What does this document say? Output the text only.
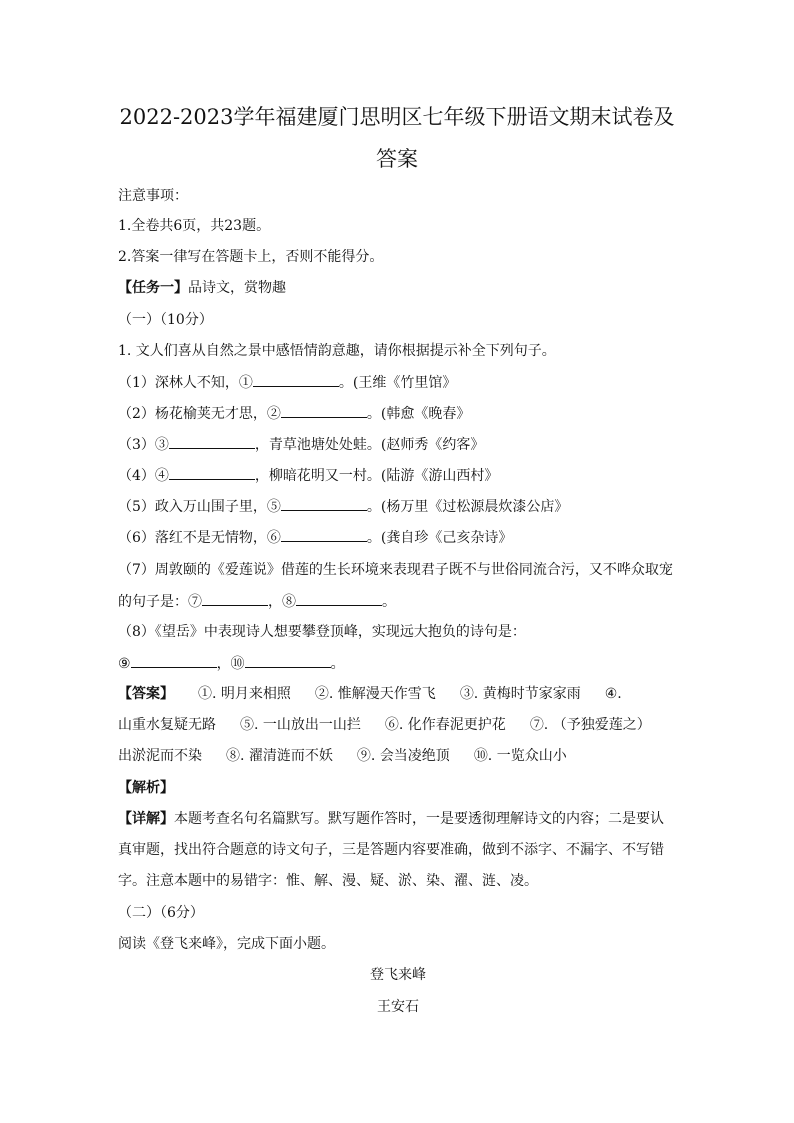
2022-2023学年福建厦门思明区七年级下册语文期末试卷及
答案
注意事项：
1.全卷共6页，共23题。
2.答案一律写在答题卡上，否则不能得分。
【任务一】品诗文，赏物趣
（一）（10分）
1. 文人们喜从自然之景中感悟情韵意趣，请你根据提示补全下列句子。
（1）深林人不知，①	。(王维《竹里馆》
（2）杨花榆荚无才思，②	。(韩愈《晚春》
（3）③	，青草池塘处处蛙。(赵师秀《约客》
（4）④	，柳暗花明又一村。(陆游《游山西村》
（5）政入万山围子里，⑤	。(杨万里《过松源晨炊漆公店》
（6）落红不是无情物，⑥	。(龚自珍《己亥杂诗》
（7）周敦颐的《爱莲说》借莲的生长环境来表现君子既不与世俗同流合污，又不哗众取宠
的句子是：⑦	，⑧	。
（8）《望岳》中表现诗人想要攀登顶峰，实现远大抱负的诗句是：
⑨	，⑩	。
【答案】 ①. 明月来相照 ②. 惟解漫天作雪飞 ③. 黄梅时节家家雨 ④.
山重水复疑无路 ⑤. 一山放出一山拦 ⑥. 化作春泥更护花 ⑦. （予独爱莲之）
出淤泥而不染 ⑧. 濯清涟而不妖 ⑨. 会当凌绝顶 ⑩. 一览众山小
【解析】
【详解】本题考查名句名篇默写。默写题作答时，一是要透彻理解诗文的内容；二是要认
真审题，找出符合题意的诗文句子，三是答题内容要准确，做到不添字、不漏字、不写错
字。注意本题中的易错字：惟、解、漫、疑、淤、染、濯、涟、凌。
（二）（6分）
阅读《登飞来峰》，完成下面小题。
登飞来峰
王安石
